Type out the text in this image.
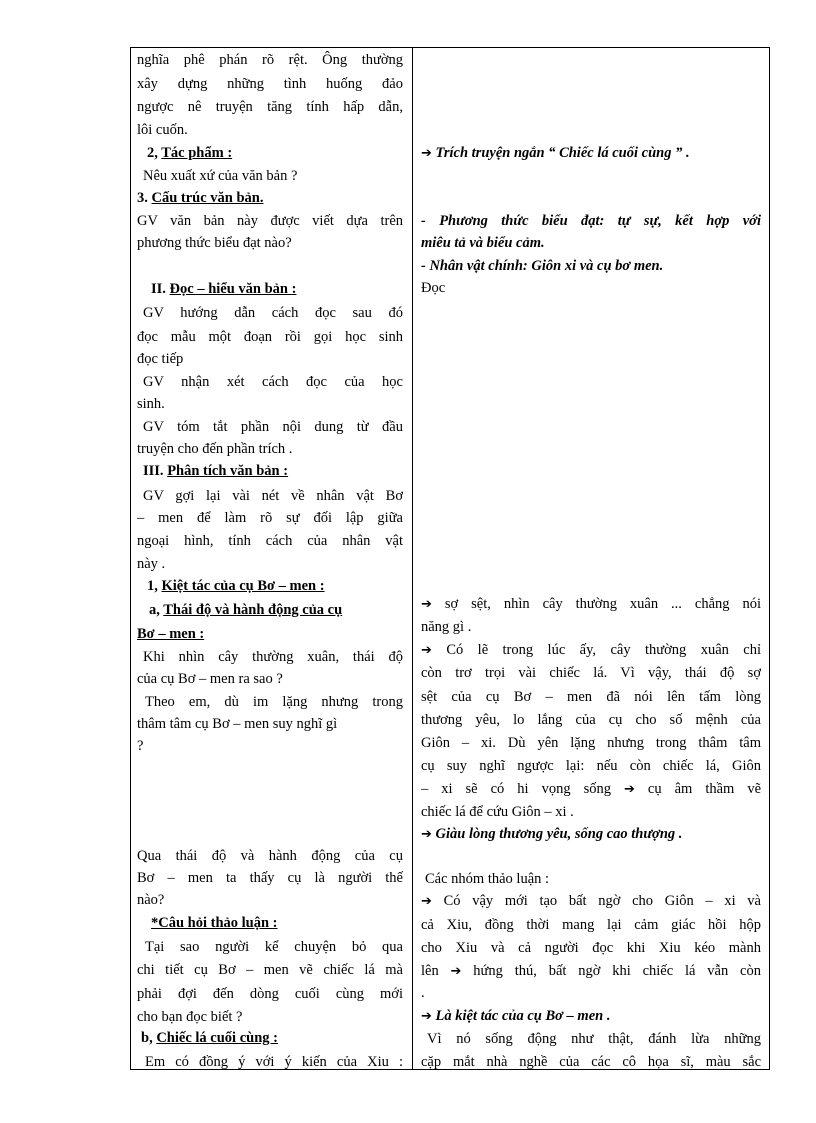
nghĩa phê phán rõ rệt. Ông thường
xây dựng những tình huống đảo
ngược nê truyện tăng tính hấp dẫn,
lôi cuốn.
2, Tác phẩm :
Nêu xuất xứ của văn bản ?
3. Cấu trúc văn bản.
GV văn bản này được viết dựa trên
phương thức biểu đạt nào?
II. Đọc – hiểu văn bản :
GV hướng dẫn cách đọc sau đó
đọc mẫu một đoạn rồi gọi học sinh
đọc tiếp
GV nhận xét cách đọc của học
sinh.
GV tóm tắt phần nội dung từ đầu
truyện cho đến phần trích .
III. Phân tích văn bản :
GV gợi lại vài nét về nhân vật Bơ
– men để làm rõ sự đối lập giữa
ngoại hình, tính cách của nhân vật
này .
1, Kiệt tác của cụ Bơ – men :
a, Thái độ và hành động của cụ
Bơ – men :
Khi nhìn cây thường xuân, thái độ
của cụ Bơ – men ra sao ?
Theo em, dù im lặng nhưng trong
thâm tâm cụ Bơ – men suy nghĩ gì
?
Qua thái độ và hành động của cụ
Bơ – men ta thấy cụ là người thế
nào?
*Câu hỏi thảo luận :
Tại sao người kể chuyện bỏ qua
chi tiết cụ Bơ – men vẽ chiếc lá mà
phải đợi đến dòng cuối cùng mới
cho bạn đọc biết ?
b, Chiếc lá cuối cùng :
Em có đồng ý với ý kiến của Xiu :
➔ Trích truyện ngắn “ Chiếc lá cuối cùng ” .
- Phương thức biểu đạt: tự sự, kết hợp với
miêu tả và biểu cảm.
- Nhân vật chính: Giôn xi và cụ bơ men.
Đọc
➔ sợ sệt, nhìn cây thường xuân ... chẳng nói
năng gì .
➔ Có lẽ trong lúc ấy, cây thường xuân chỉ
còn trơ trọi vài chiếc lá. Vì vậy, thái độ sợ
sệt của cụ Bơ – men đã nói lên tấm lòng
thương yêu, lo lắng của cụ cho số mệnh của
Giôn – xi. Dù yên lặng nhưng trong thâm tâm
cụ suy nghĩ ngược lại: nếu còn chiếc lá, Giôn
– xi sẽ có hi vọng sống ➔ cụ âm thầm vẽ
chiếc lá để cứu Giôn – xi .
➔ Giàu lòng thương yêu, sống cao thượng .
Các nhóm thảo luận :
➔ Có vậy mới tạo bất ngờ cho Giôn – xi và
cả Xiu, đồng thời mang lại cảm giác hồi hộp
cho Xiu và cả người đọc khi Xiu kéo mành
lên ➔ hứng thú, bất ngờ khi chiếc lá vẫn còn
.
➔ Là kiệt tác của cụ Bơ – men .
Vì nó sống động như thật, đánh lừa những
cặp mắt nhà nghề của các cô họa sĩ, màu sắc
